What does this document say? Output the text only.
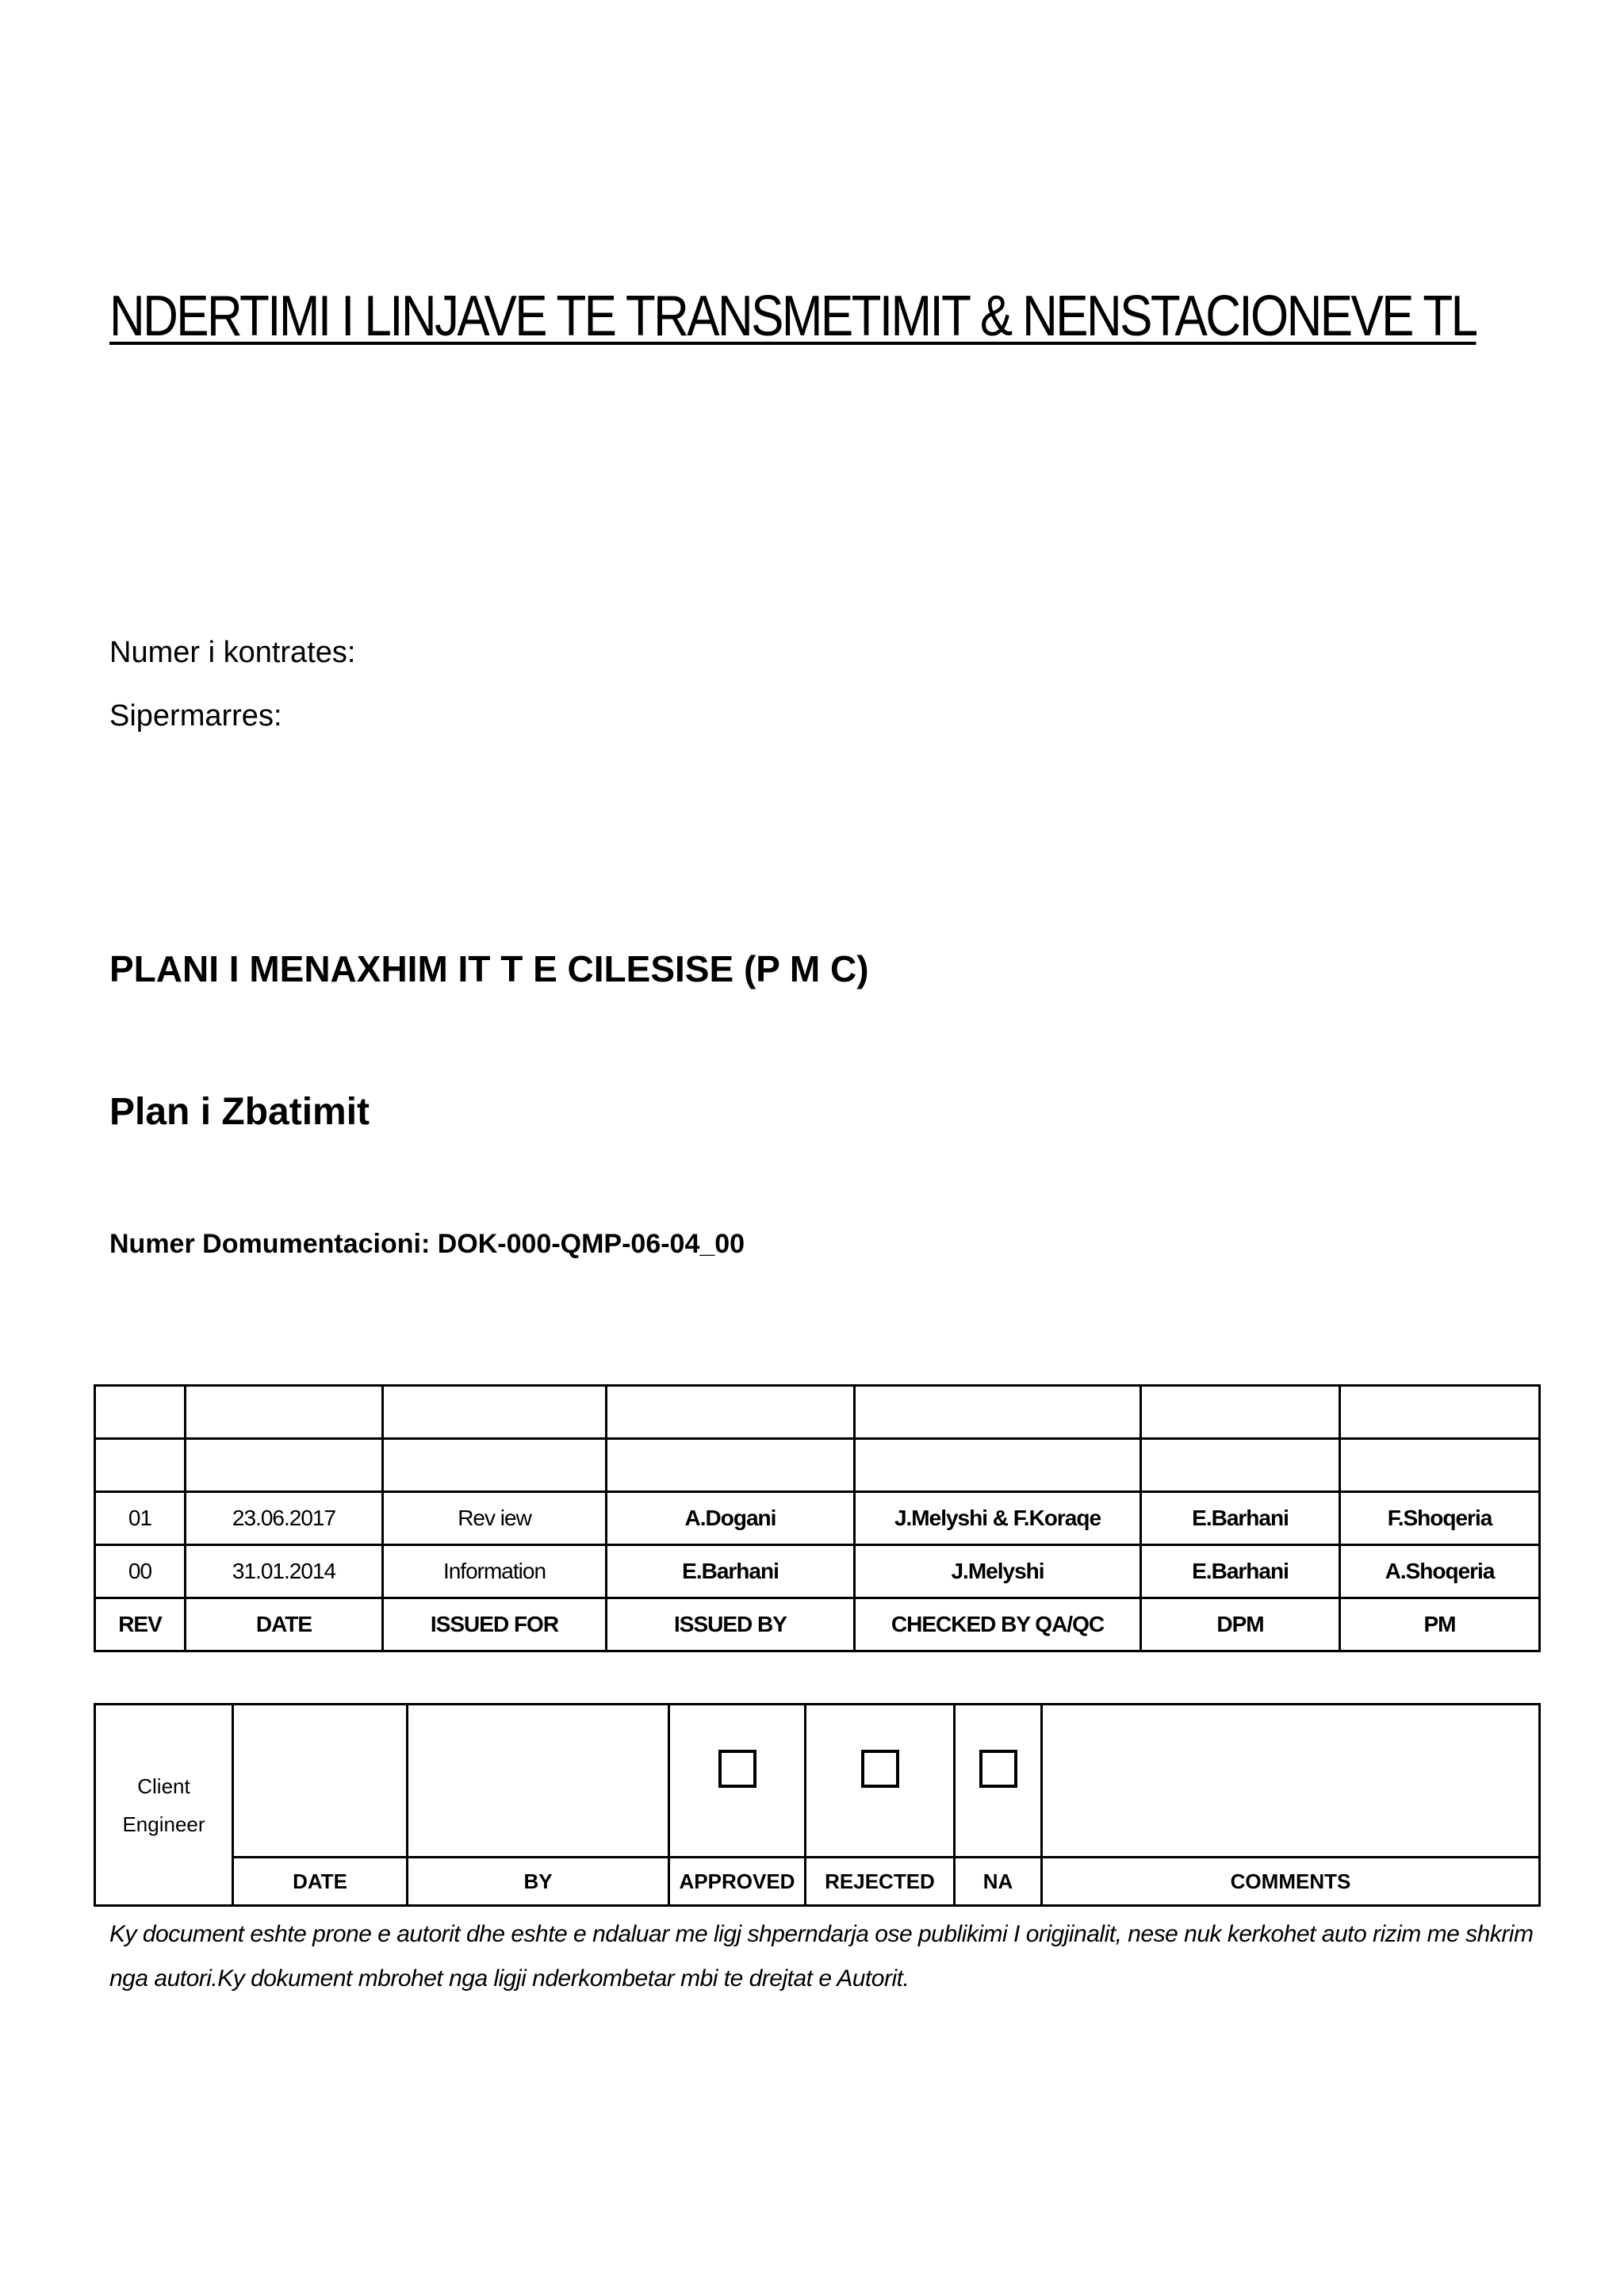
NDERTIMI I LINJAVE TE TRANSMETIMIT & NENSTACIONEVE TL
Numer i kontrates:
Sipermarres:
PLANI I MENAXHIM IT T E CILESISE (P M C)
Plan i Zbatimit
Numer Domumentacioni: DOK-000-QMP-06-04_00

01	23.06.2017	Rev iew	A.Dogani	J.Melyshi & F.Koraqe	E.Barhani	F.Shoqeria
00	31.01.2014	Information	E.Barhani	J.Melyshi	E.Barhani	A.Shoqeria
REV	DATE	ISSUED FOR	ISSUED BY	CHECKED BY QA/QC	DPM	PM
Client
Engineer						

	DATE	BY	APPROVED	REJECTED	NA	COMMENTS
Ky document eshte prone e autorit dhe eshte e ndaluar me ligj shperndarja ose publikimi I origjinalit, nese nuk kerkohet auto rizim me shkrim nga autori.Ky dokument mbrohet nga ligji nderkombetar mbi te drejtat e Autorit.
